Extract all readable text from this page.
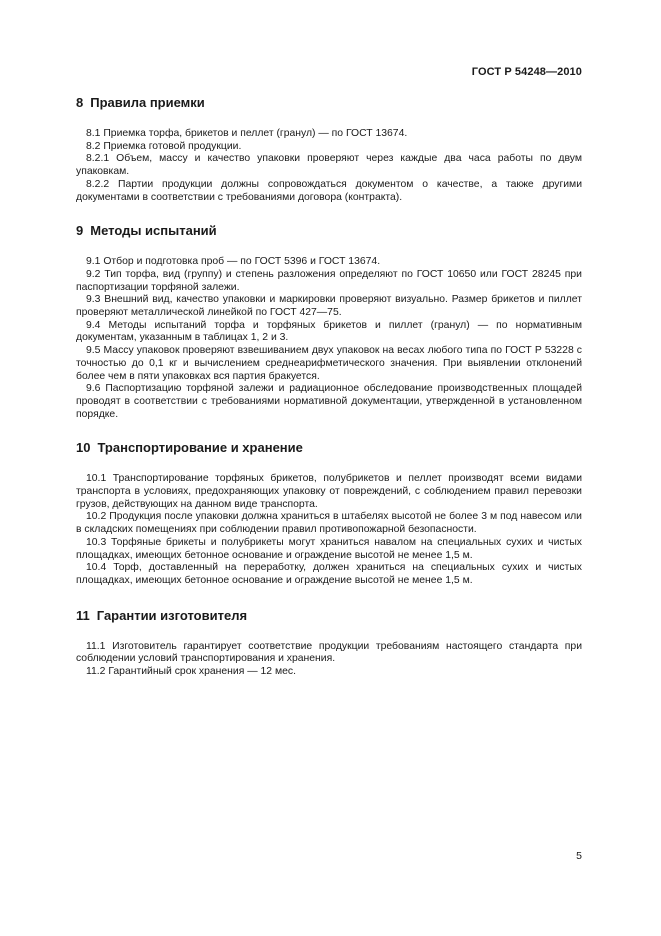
ГОСТ Р 54248—2010
8 Правила приемки

8.1 Приемка торфа, брикетов и пеллет (гранул) — по ГОСТ 13674.

8.2 Приемка готовой продукции.

8.2.1 Объем, массу и качество упаковки проверяют через каждые два часа работы по двум упаковкам.

8.2.2 Партии продукции должны сопровождаться документом о качестве, а также другими документами в соответствии с требованиями договора (контракта).

9 Методы испытаний

9.1 Отбор и подготовка проб — по ГОСТ 5396 и ГОСТ 13674.

9.2 Тип торфа, вид (группу) и степень разложения определяют по ГОСТ 10650 или ГОСТ 28245 при паспортизации торфяной залежи.

9.3 Внешний вид, качество упаковки и маркировки проверяют визуально. Размер брикетов и пиллет проверяют металлической линейкой по ГОСТ 427—75.

9.4 Методы испытаний торфа и торфяных брикетов и пиллет (гранул) — по нормативным документам, указанным в таблицах 1, 2 и 3.

9.5 Массу упаковок проверяют взвешиванием двух упаковок на весах любого типа по ГОСТ Р 53228 с точностью до 0,1 кг и вычислением среднеарифметического значения. При выявлении отклонений более чем в пяти упаковках вся партия бракуется.

9.6 Паспортизацию торфяной залежи и радиационное обследование производственных площадей проводят в соответствии с требованиями нормативной документации, утвержденной в установленном порядке.

10 Транспортирование и хранение

10.1 Транспортирование торфяных брикетов, полубрикетов и пеллет производят всеми видами транспорта в условиях, предохраняющих упаковку от повреждений, с соблюдением правил перевозки грузов, действующих на данном виде транспорта.

10.2 Продукция после упаковки должна храниться в штабелях высотой не более 3 м под навесом или в складских помещениях при соблюдении правил противопожарной безопасности.

10.3 Торфяные брикеты и полубрикеты могут храниться навалом на специальных сухих и чистых площадках, имеющих бетонное основание и ограждение высотой не менее 1,5 м.

10.4 Торф, доставленный на переработку, должен храниться на специальных сухих и чистых площадках, имеющих бетонное основание и ограждение высотой не менее 1,5 м.

11 Гарантии изготовителя

11.1 Изготовитель гарантирует соответствие продукции требованиям настоящего стандарта при соблюдении условий транспортирования и хранения.

11.2 Гарантийный срок хранения — 12 мес.

5
